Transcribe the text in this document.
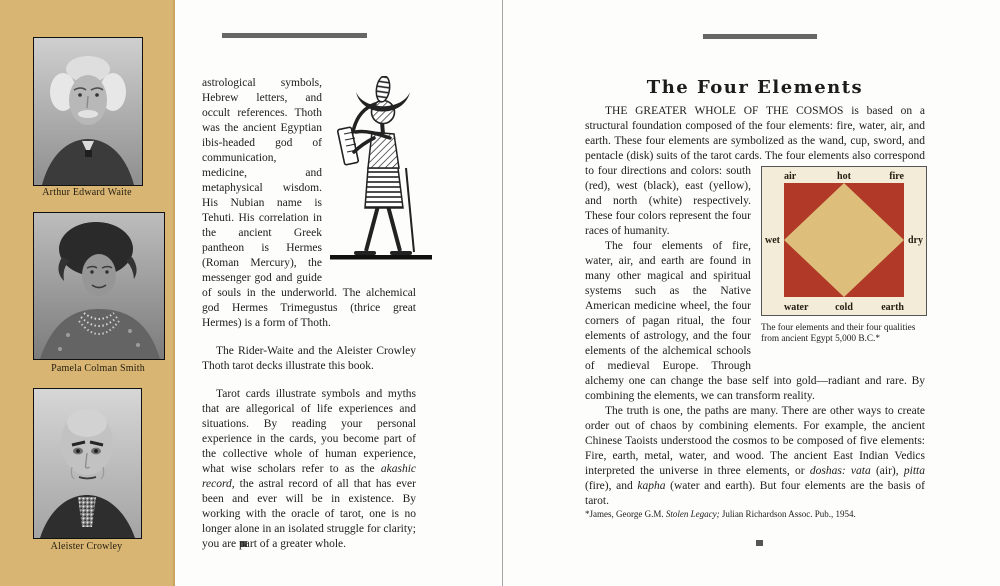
Arthur Edward Waite
Pamela Colman Smith
Aleister Crowley

astrological symbols, Hebrew letters, and occult references. Thoth was the ancient Egyptian ibis-headed god of communication, medicine, and metaphysical wisdom. His Nubian name is Tehuti. His correlation in the ancient Greek pantheon is Hermes (Roman Mercury), the messenger god and guide of souls in the underworld. The alchemical god Hermes Trimegustus (thrice great Hermes) is a form of Thoth.

The Rider-Waite and the Aleister Crowley Thoth tarot decks illustrate this book.

Tarot cards illustrate symbols and myths that are allegorical of life experiences and situations. By reading your personal experience in the cards, you become part of the collective whole of human experience, what wise scholars refer to as the akashic record, the astral record of all that has ever been and ever will be in existence. By working with the oracle of tarot, one is no longer alone in an isolated struggle for clarity; you are part of a greater whole.

The Four Elements

air	hot	fire
wet	dry
water	cold	earth
The four elements and their four qualities from ancient Egypt 5,000 B.C.*
THE GREATER WHOLE OF THE COSMOS is based on a structural foundation composed of the four elements: fire, water, air, and earth. These four elements are symbolized as the wand, cup, sword, and pentacle (disk) suits of the tarot cards. The four elements also correspond to four directions and colors: south (red), west (black), east (yellow), and north (white) respectively. These four colors represent the four races of humanity.

The four elements of fire, water, air, and earth are found in many other magical and spiritual systems such as the Native American medicine wheel, the four corners of pagan ritual, the four elements of astrology, and the four elements of the alchemical schools of medieval Europe. Through alchemy one can change the base self into gold—radiant and rare. By combining the elements, we can transform reality.

The truth is one, the paths are many. There are other ways to create order out of chaos by combining elements. For example, the ancient Chinese Taoists understood the cosmos to be composed of five elements: Fire, earth, metal, water, and wood. The ancient East Indian Vedics interpreted the universe in three elements, or doshas: vata (air), pitta (fire), and kapha (water and earth). But four elements are the basis of tarot.

*James, George G.M. Stolen Legacy; Julian Richardson Assoc. Pub., 1954.
